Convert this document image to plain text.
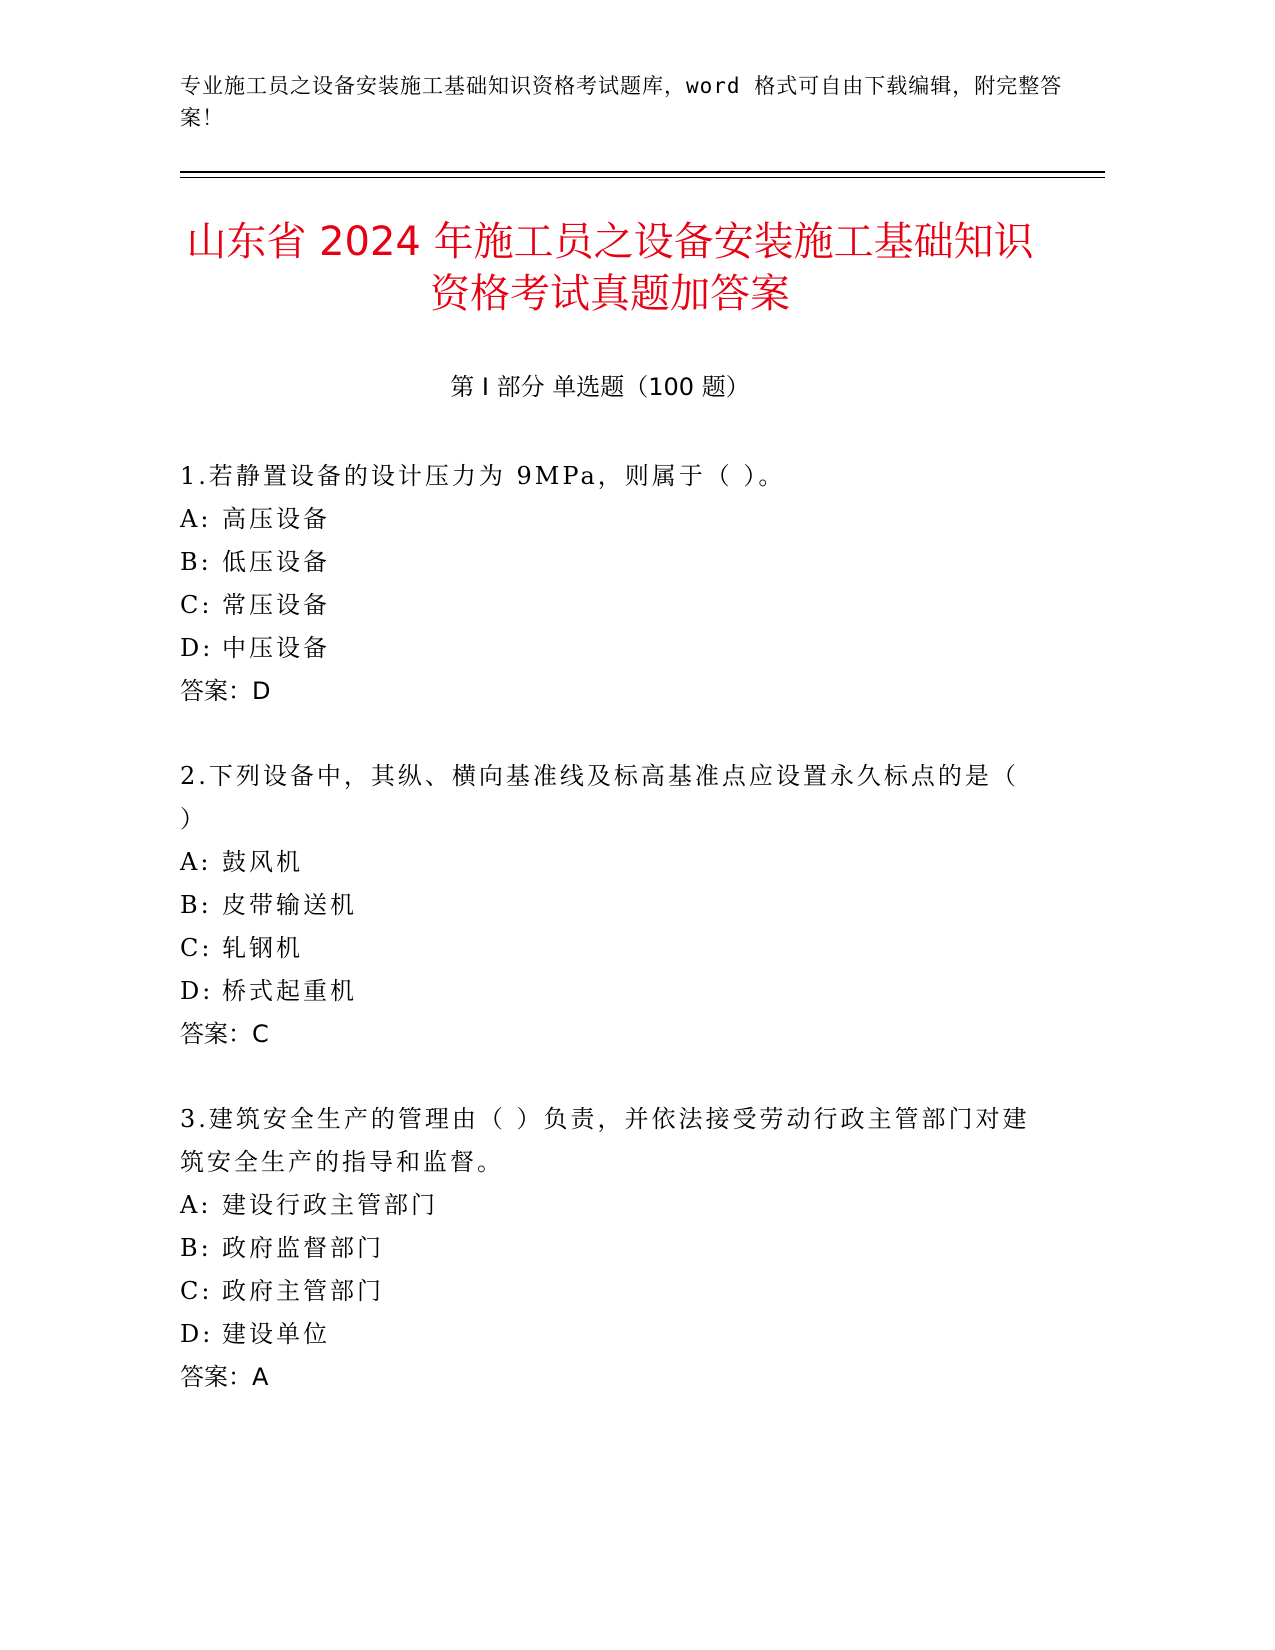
专业施工员之设备安装施工基础知识资格考试题库，word 格式可自由下载编辑，附完整答案！
山东省 2024 年施工员之设备安装施工基础知识资格考试真题加答案
第 I 部分 单选题（100 题）

1.若静置设备的设计压力为 9MPa，则属于（ ）。

A: 高压设备

B: 低压设备

C: 常压设备

D: 中压设备

答案：D

2.下列设备中，其纵、横向基准线及标高基准点应设置永久标点的是（ ）

A: 鼓风机

B: 皮带输送机

C: 轧钢机

D: 桥式起重机

答案：C

3.建筑安全生产的管理由（ ）负责，并依法接受劳动行政主管部门对建筑安全生产的指导和监督。

A: 建设行政主管部门

B: 政府监督部门

C: 政府主管部门

D: 建设单位

答案：A
